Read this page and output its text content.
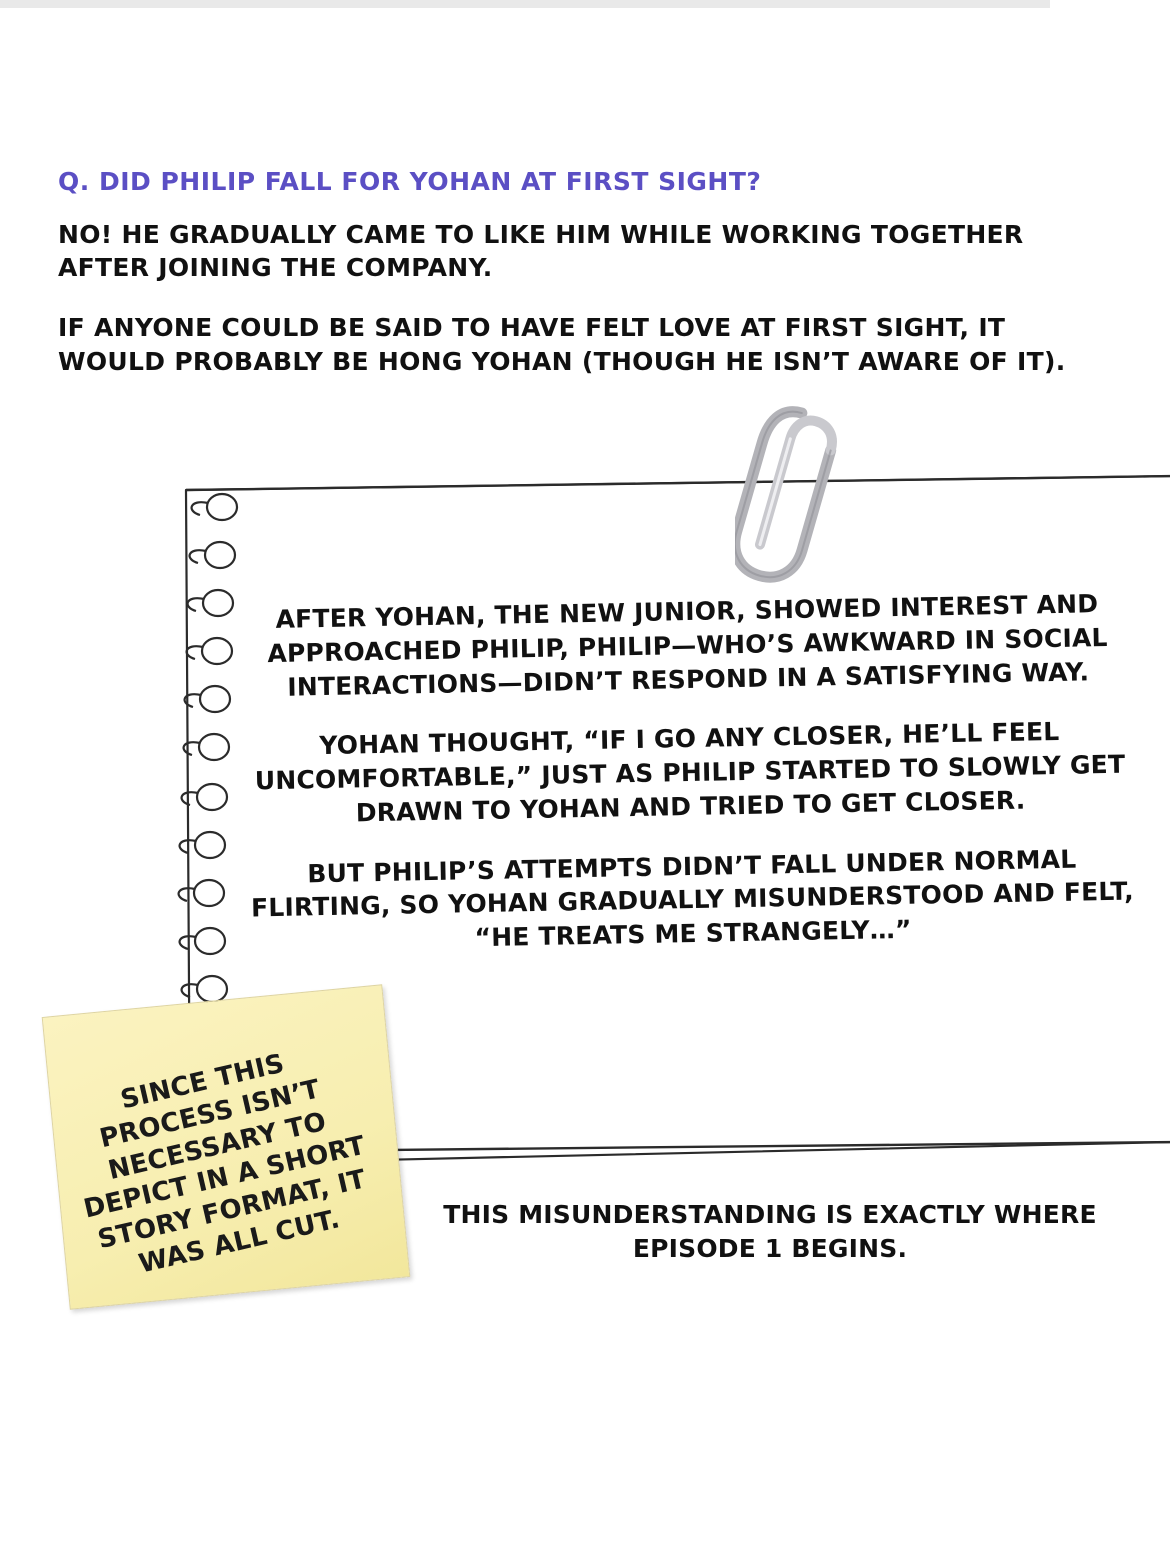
Q. DID PHILIP FALL FOR YOHAN AT FIRST SIGHT?

NO! HE GRADUALLY CAME TO LIKE HIM WHILE WORKING TOGETHER AFTER JOINING THE COMPANY.

IF ANYONE COULD BE SAID TO HAVE FELT LOVE AT FIRST SIGHT, IT WOULD PROBABLY BE HONG YOHAN (THOUGH HE ISN’T AWARE OF IT).

AFTER YOHAN, THE NEW JUNIOR, SHOWED INTEREST AND APPROACHED PHILIP, PHILIP—WHO’S AWKWARD IN SOCIAL INTERACTIONS—DIDN’T RESPOND IN A SATISFYING WAY.

YOHAN THOUGHT, “IF I GO ANY CLOSER, HE’LL FEEL UNCOMFORTABLE,” JUST AS PHILIP STARTED TO SLOWLY GET DRAWN TO YOHAN AND TRIED TO GET CLOSER.

BUT PHILIP’S ATTEMPTS DIDN’T FALL UNDER NORMAL FLIRTING, SO YOHAN GRADUALLY MISUNDERSTOOD AND FELT, “HE TREATS ME STRANGELY…”

SINCE THIS PROCESS ISN’T NECESSARY TO DEPICT IN A SHORT STORY FORMAT, IT WAS ALL CUT.	THIS MISUNDERSTANDING IS EXACTLY WHERE EPISODE 1 BEGINS.
